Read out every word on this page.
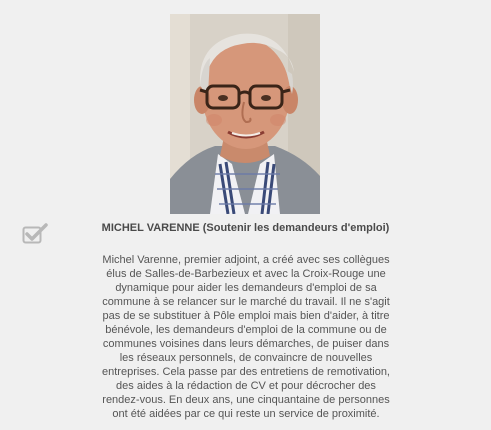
MICHEL VARENNE (Soutenir les demandeurs d'emploi)
Michel Varenne, premier adjoint, a créé avec ses collègues
élus de Salles-de-Barbezieux et avec la Croix-Rouge une
dynamique pour aider les demandeurs d'emploi de sa
commune à se relancer sur le marché du travail. Il ne s'agit
pas de se substituer à Pôle emploi mais bien d'aider, à titre
bénévole, les demandeurs d'emploi de la commune ou de
communes voisines dans leurs démarches, de puiser dans
les réseaux personnels, de convaincre de nouvelles
entreprises. Cela passe par des entretiens de remotivation,
des aides à la rédaction de CV et pour décrocher des
rendez-vous. En deux ans, une cinquantaine de personnes
ont été aidées par ce qui reste un service de proximité.
